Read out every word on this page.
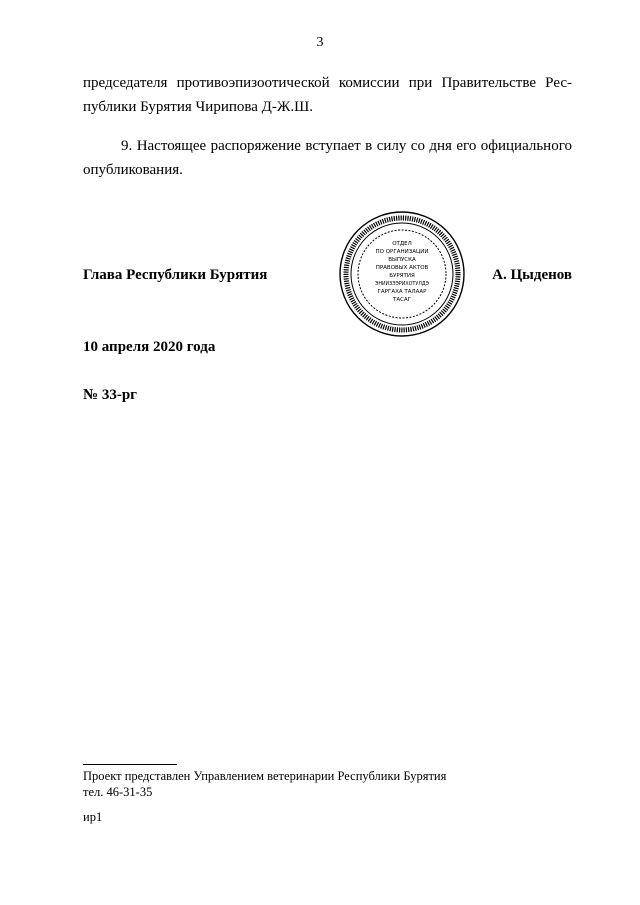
3
председателя противоэпизоотической комиссии при Правительстве Рес-публики Бурятия Чирипова Д-Ж.Ш.
9. Настоящее распоряжение вступает в силу со дня его официального опубликования.
Глава Республики Бурятия
ОТДЕЛ
ПО ОРГАНИЗАЦИИ
ВЫПУСКА
ПРАВОВЫХ АКТОВ
БУРЯТИЯ
ЭНИИЗЭЭРИХОТУЛДЭ
ГАРГАХА ТАЛААР
ТАСАГ
А. Цыденов
10 апреля 2020 года
№ 33-рг
Проект представлен Управлением ветеринарии Республики Бурятия
тел. 46-31-35
ир1
